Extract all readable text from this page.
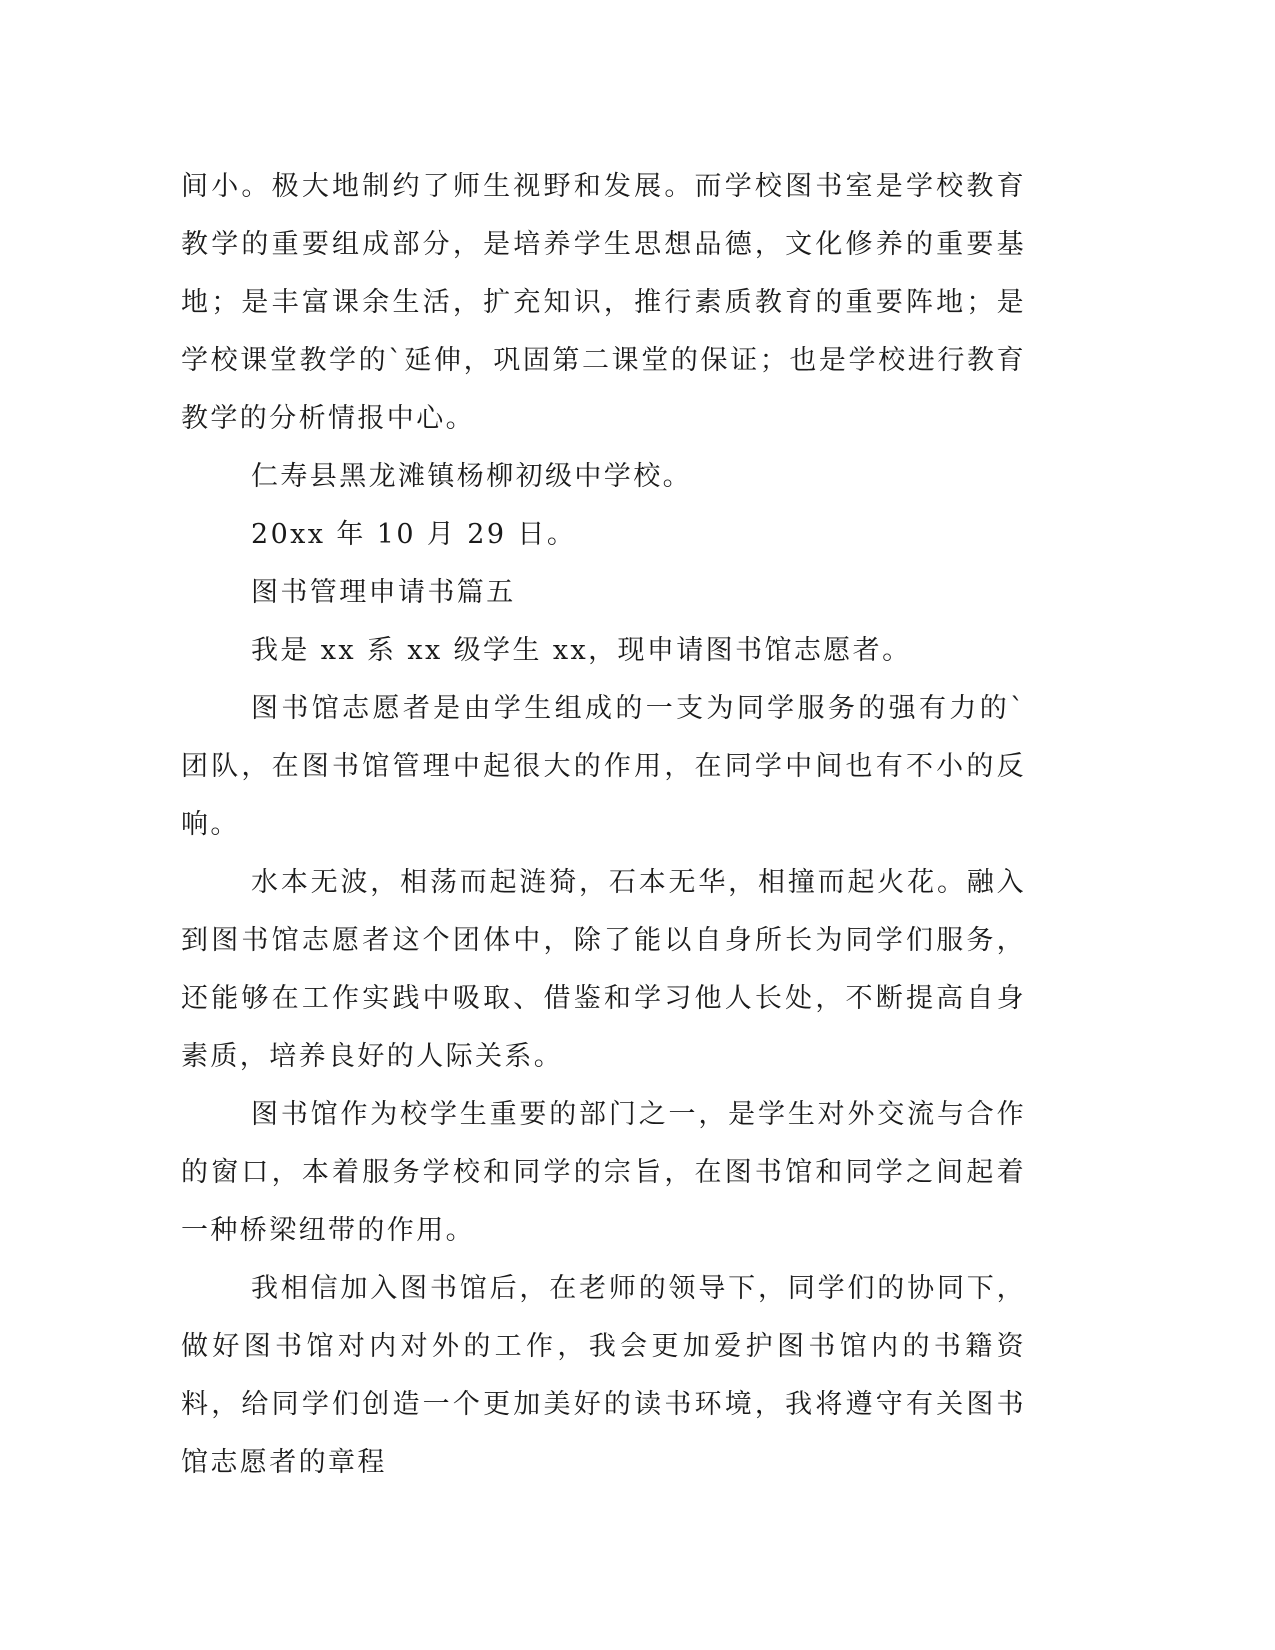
间小。极大地制约了师生视野和发展。而学校图书室是学校教育教学的重要组成部分，是培养学生思想品德，文化修养的重要基地；是丰富课余生活，扩充知识，推行素质教育的重要阵地；是学校课堂教学的`延伸，巩固第二课堂的保证；也是学校进行教育教学的分析情报中心。

仁寿县黑龙滩镇杨柳初级中学校。

20xx 年 10 月 29 日。

图书管理申请书篇五

我是 xx 系 xx 级学生 xx，现申请图书馆志愿者。

图书馆志愿者是由学生组成的一支为同学服务的强有力的`团队，在图书馆管理中起很大的作用，在同学中间也有不小的反响。

水本无波，相荡而起涟猗，石本无华，相撞而起火花。融入到图书馆志愿者这个团体中，除了能以自身所长为同学们服务，还能够在工作实践中吸取、借鉴和学习他人长处，不断提高自身素质，培养良好的人际关系。

图书馆作为校学生重要的部门之一，是学生对外交流与合作的窗口，本着服务学校和同学的宗旨，在图书馆和同学之间起着一种桥梁纽带的作用。

我相信加入图书馆后，在老师的领导下，同学们的协同下，做好图书馆对内对外的工作，我会更加爱护图书馆内的书籍资料，给同学们创造一个更加美好的读书环境，我将遵守有关图书馆志愿者的章程
